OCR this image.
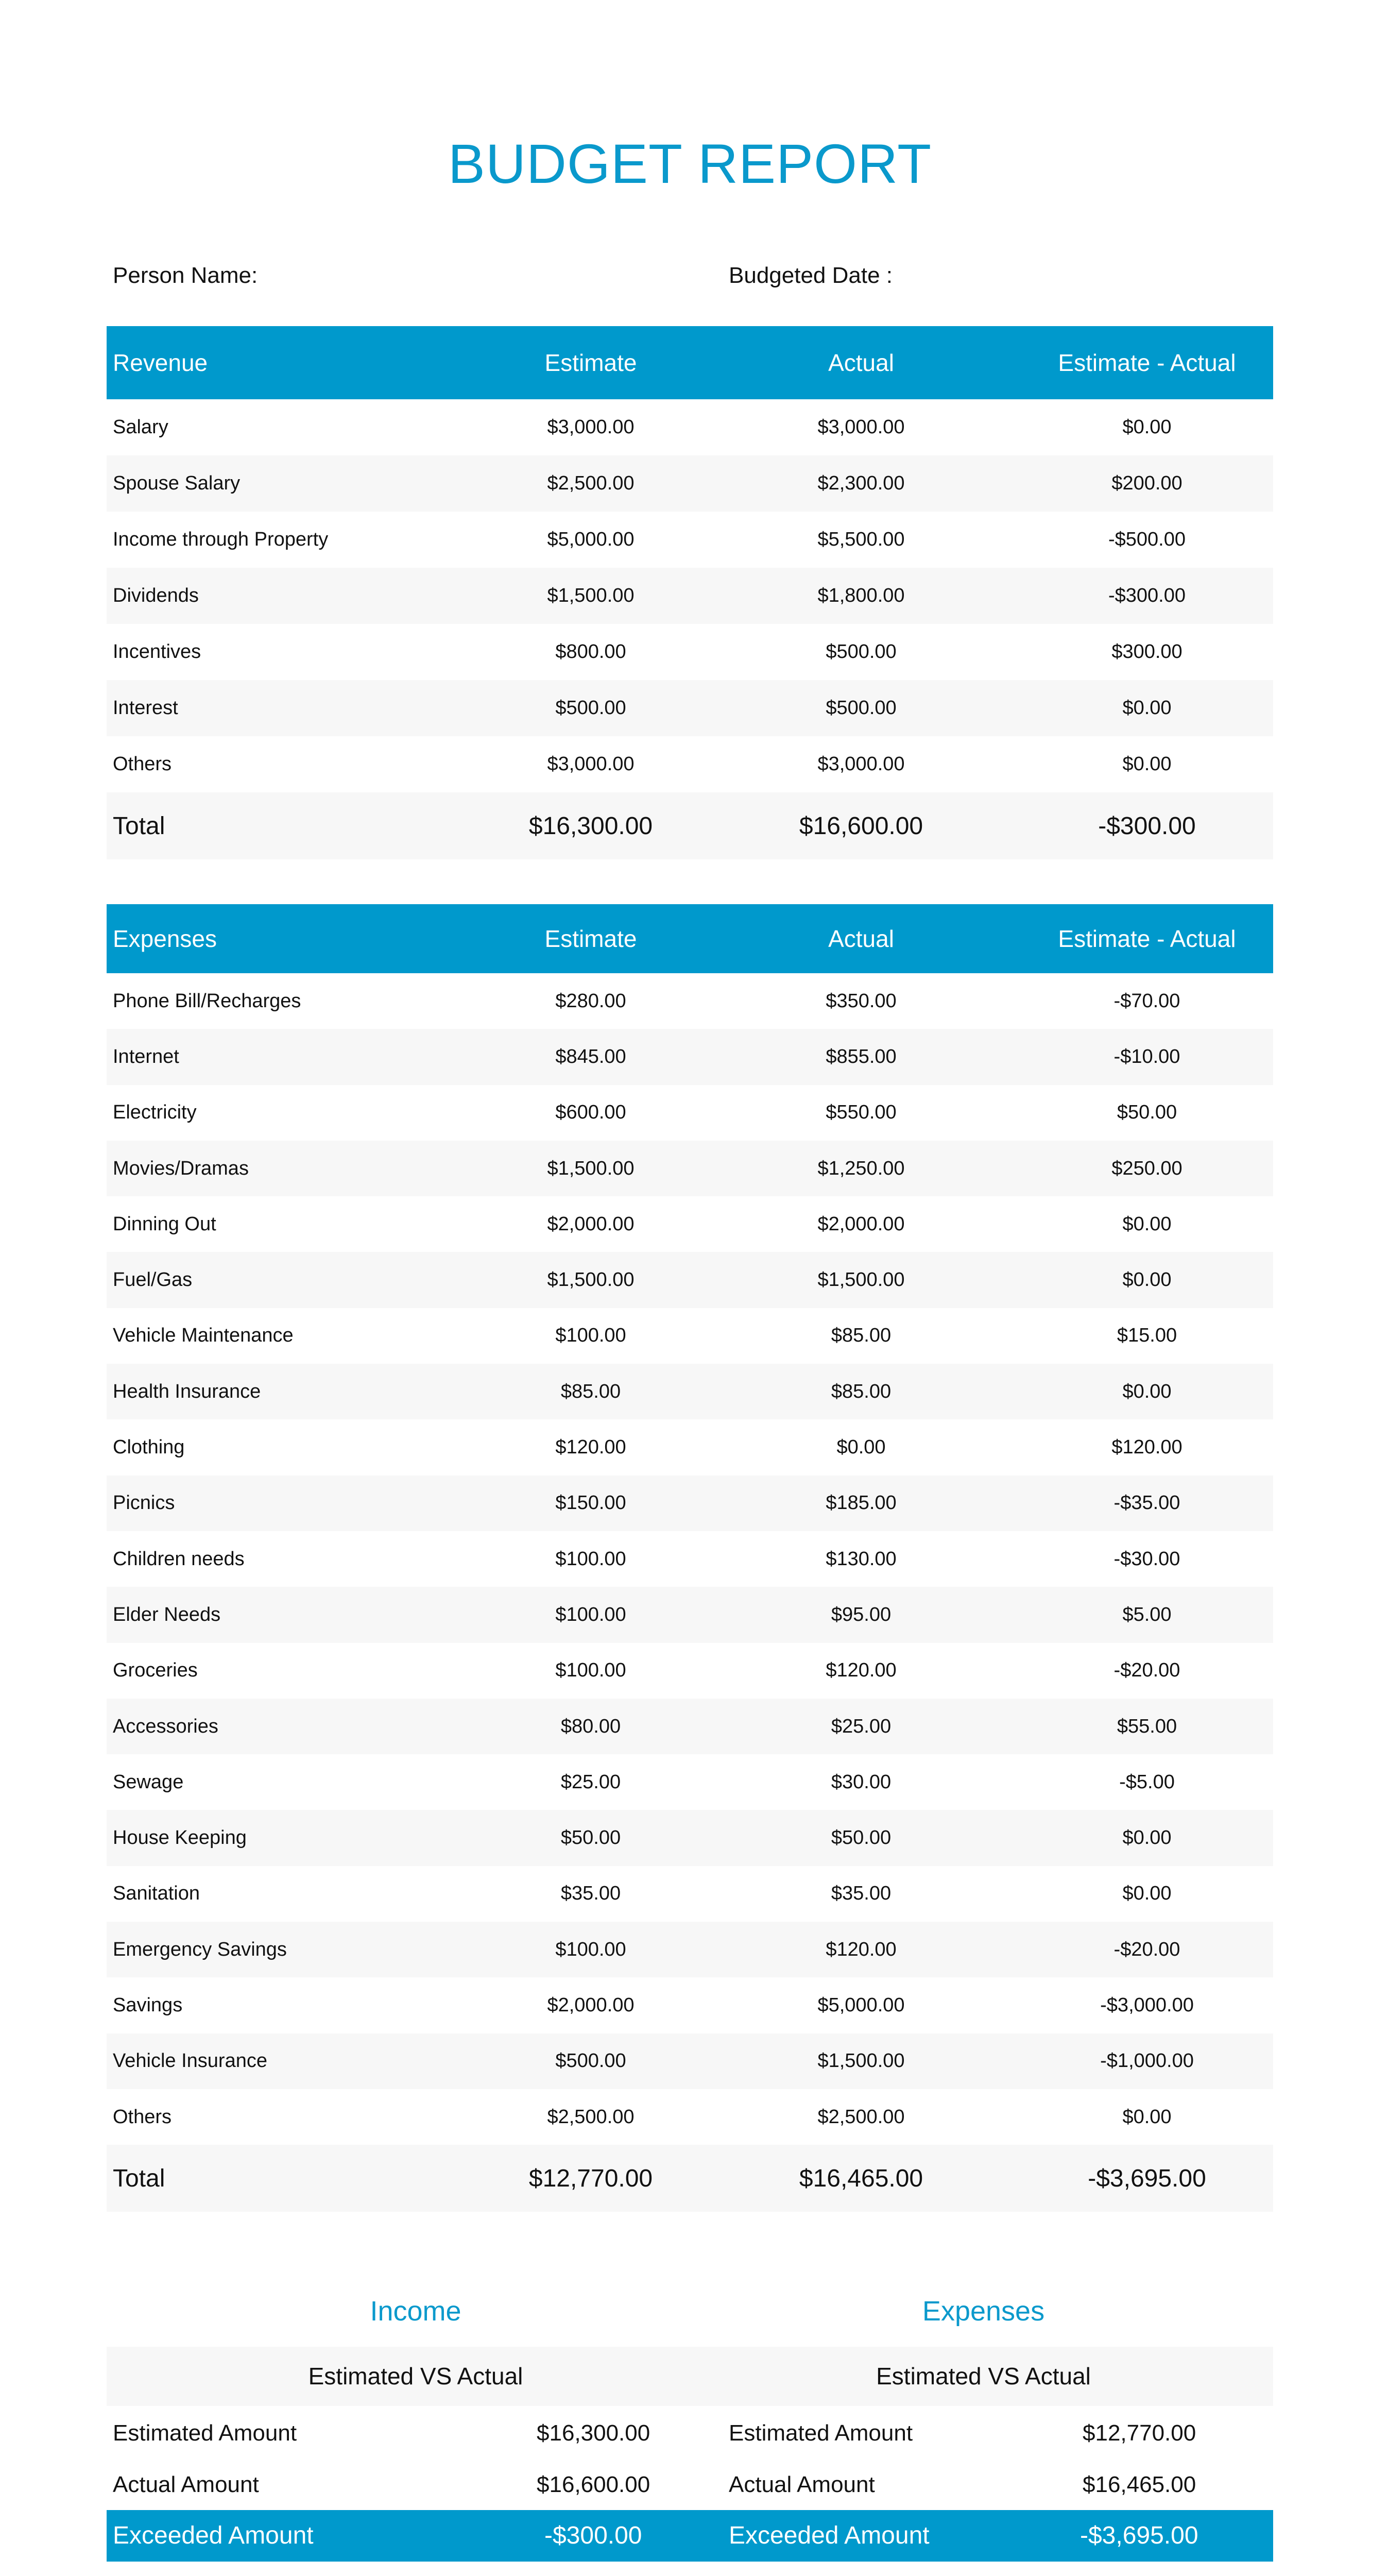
BUDGET REPORT
Person Name:	Budgeted Date :
Revenue	Estimate	Actual	Estimate - Actual
Salary	$3,000.00	$3,000.00	$0.00
Spouse Salary	$2,500.00	$2,300.00	$200.00
Income through Property	$5,000.00	$5,500.00	-$500.00
Dividends	$1,500.00	$1,800.00	-$300.00
Incentives	$800.00	$500.00	$300.00
Interest	$500.00	$500.00	$0.00
Others	$3,000.00	$3,000.00	$0.00
Total	$16,300.00	$16,600.00	-$300.00
Expenses	Estimate	Actual	Estimate - Actual
Phone Bill/Recharges	$280.00	$350.00	-$70.00
Internet	$845.00	$855.00	-$10.00
Electricity	$600.00	$550.00	$50.00
Movies/Dramas	$1,500.00	$1,250.00	$250.00
Dinning Out	$2,000.00	$2,000.00	$0.00
Fuel/Gas	$1,500.00	$1,500.00	$0.00
Vehicle Maintenance	$100.00	$85.00	$15.00
Health Insurance	$85.00	$85.00	$0.00
Clothing	$120.00	$0.00	$120.00
Picnics	$150.00	$185.00	-$35.00
Children needs	$100.00	$130.00	-$30.00
Elder Needs	$100.00	$95.00	$5.00
Groceries	$100.00	$120.00	-$20.00
Accessories	$80.00	$25.00	$55.00
Sewage	$25.00	$30.00	-$5.00
House Keeping	$50.00	$50.00	$0.00
Sanitation	$35.00	$35.00	$0.00
Emergency Savings	$100.00	$120.00	-$20.00
Savings	$2,000.00	$5,000.00	-$3,000.00
Vehicle Insurance	$500.00	$1,500.00	-$1,000.00
Others	$2,500.00	$2,500.00	$0.00
Total	$12,770.00	$16,465.00	-$3,695.00
Income	Expenses
Estimated VS Actual	Estimated VS Actual
Estimated Amount	$16,300.00	Estimated Amount	$12,770.00
Actual Amount	$16,600.00	Actual Amount	$16,465.00
Exceeded Amount	-$300.00	Exceeded Amount	-$3,695.00
